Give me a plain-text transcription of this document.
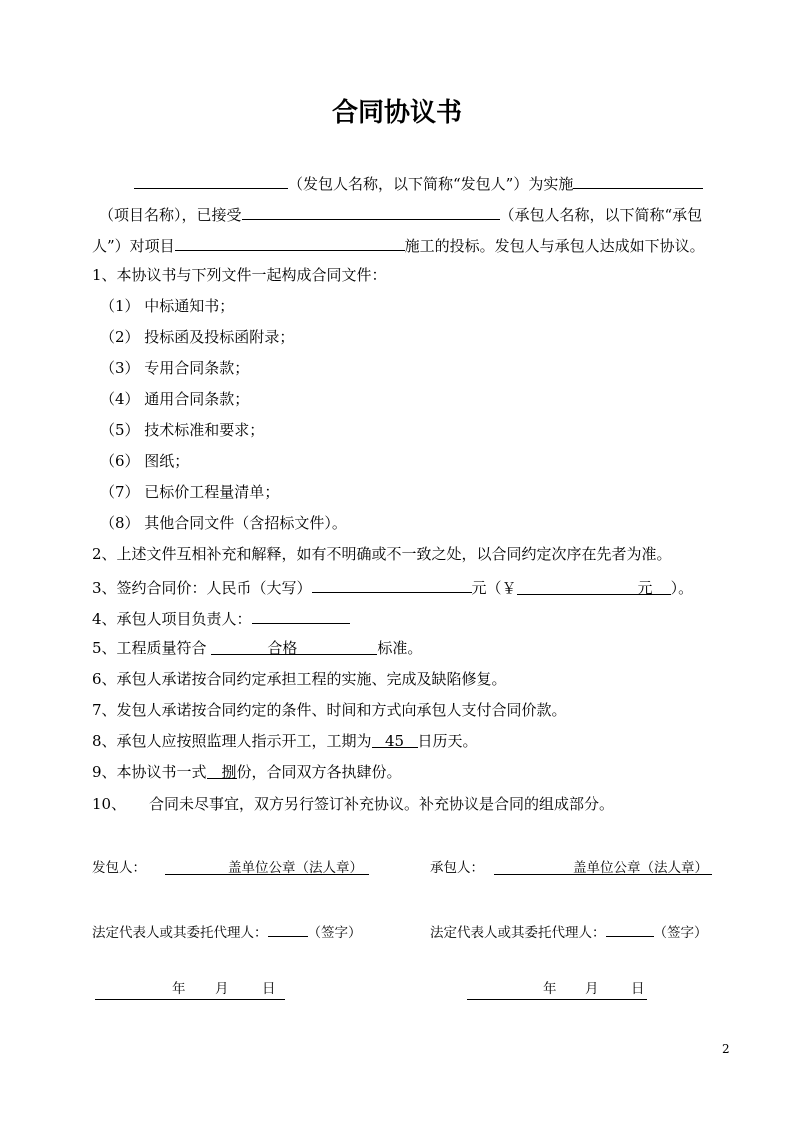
合同协议书
（发包人名称，以下简称“发包人”）为实施
（项目名称），已接受	（承包人名称，以下简称“承包
人”）对项目	施工的投标。发包人与承包人达成如下协议。
1、本协议书与下列文件一起构成合同文件：
（1） 中标通知书；
（2） 投标函及投标函附录；
（3） 专用合同条款；
（4） 通用合同条款；
（5） 技术标准和要求；
（6） 图纸；
（7） 已标价工程量清单；
（8） 其他合同文件（含招标文件）。
2、上述文件互相补充和解释，如有不明确或不一致之处，以合同约定次序在先者为准。
3、签约合同价：人民币（大写）	元（￥	元 ）。
4、承包人项目负责人：
5、工程质量符合	合格	标准。
6、承包人承诺按合同约定承担工程的实施、完成及缺陷修复。
7、发包人承诺按合同约定的条件、时间和方式向承包人支付合同价款。
8、承包人应按照监理人指示开工，工期为 45 日历天。
9、本协议书一式 捌份，合同双方各执肆份。
10、 合同未尽事宜，双方另行签订补充协议。补充协议是合同的组成部分。
发包人：	盖单位公章（法人章）	承包人：	盖单位公章（法人章）
法定代表人或其委托代理人：	（签字）	法定代表人或其委托代理人：	（签字）
年 月 日	年 月 日
2
